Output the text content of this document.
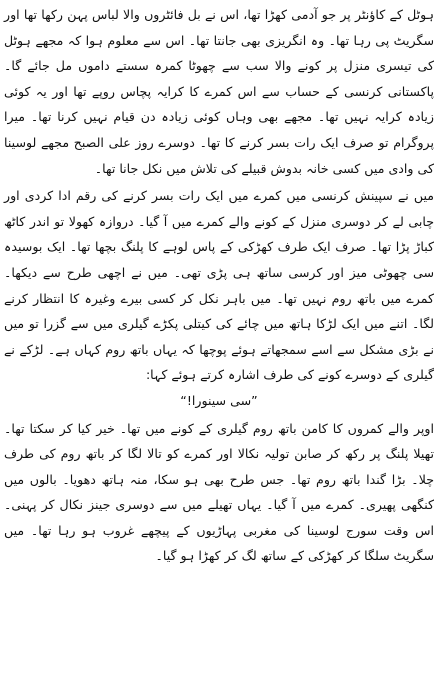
ہوٹل کے کاؤنٹر پر جو آدمی کھڑا تھا، اس نے بل فائٹروں والا لباس پہن رکھا تھا اور سگریٹ پی رہا تھا۔ وہ انگریزی بھی جانتا تھا۔ اس سے معلوم ہوا کہ مجھے ہوٹل کی تیسری منزل پر کونے والا سب سے چھوٹا کمرہ سستے داموں مل جائے گا۔ پاکستانی کرنسی کے حساب سے اس کمرے کا کرایہ پچاس روپے تھا اور یہ کوئی زیادہ کرایہ نہیں تھا۔ مجھے بھی وہاں کوئی زیادہ دن قیام نہیں کرنا تھا۔ میرا پروگرام تو صرف ایک رات بسر کرنے کا تھا۔ دوسرے روز علی الصبح مجھے لوسینا کی وادی میں کسی خانہ بدوش قبیلے کی تلاش میں نکل جانا تھا۔

میں نے سپینش کرنسی میں کمرے میں ایک رات بسر کرنے کی رقم ادا کردی اور چابی لے کر دوسری منزل کے کونے والے کمرے میں آ گیا۔ دروازہ کھولا تو اندر کاٹھ کباڑ پڑا تھا۔ صرف ایک طرف کھڑکی کے پاس لوہے کا پلنگ بچھا تھا۔ ایک بوسیدہ سی چھوٹی میز اور کرسی ساتھ ہی پڑی تھی۔ میں نے اچھی طرح سے دیکھا۔ کمرے میں باتھ روم نہیں تھا۔ میں باہر نکل کر کسی بیرے وغیرہ کا انتظار کرنے لگا۔ اتنے میں ایک لڑکا ہاتھ میں چائے کی کیتلی پکڑے گیلری میں سے گزرا تو میں نے بڑی مشکل سے اسے سمجھاتے ہوئے پوچھا کہ یہاں باتھ روم کہاں ہے۔ لڑکے نے گیلری کے دوسرے کونے کی طرف اشارہ کرتے ہوئے کہا:

”سی سینورا!“

اوپر والے کمروں کا کامن باتھ روم گیلری کے کونے میں تھا۔ خیر کیا کر سکتا تھا۔ تھیلا پلنگ پر رکھ کر صابن تولیہ نکالا اور کمرے کو تالا لگا کر باتھ روم کی طرف چلا۔ بڑا گندا باتھ روم تھا۔ جس طرح بھی ہو سکا، منہ ہاتھ دھویا۔ بالوں میں کنگھی پھیری۔ کمرے میں آ گیا۔ یہاں تھیلے میں سے دوسری جینز نکال کر پہنی۔ اس وقت سورج لوسینا کی مغربی پہاڑیوں کے پیچھے غروب ہو رہا تھا۔ میں سگریٹ سلگا کر کھڑکی کے ساتھ لگ کر کھڑا ہو گیا۔
